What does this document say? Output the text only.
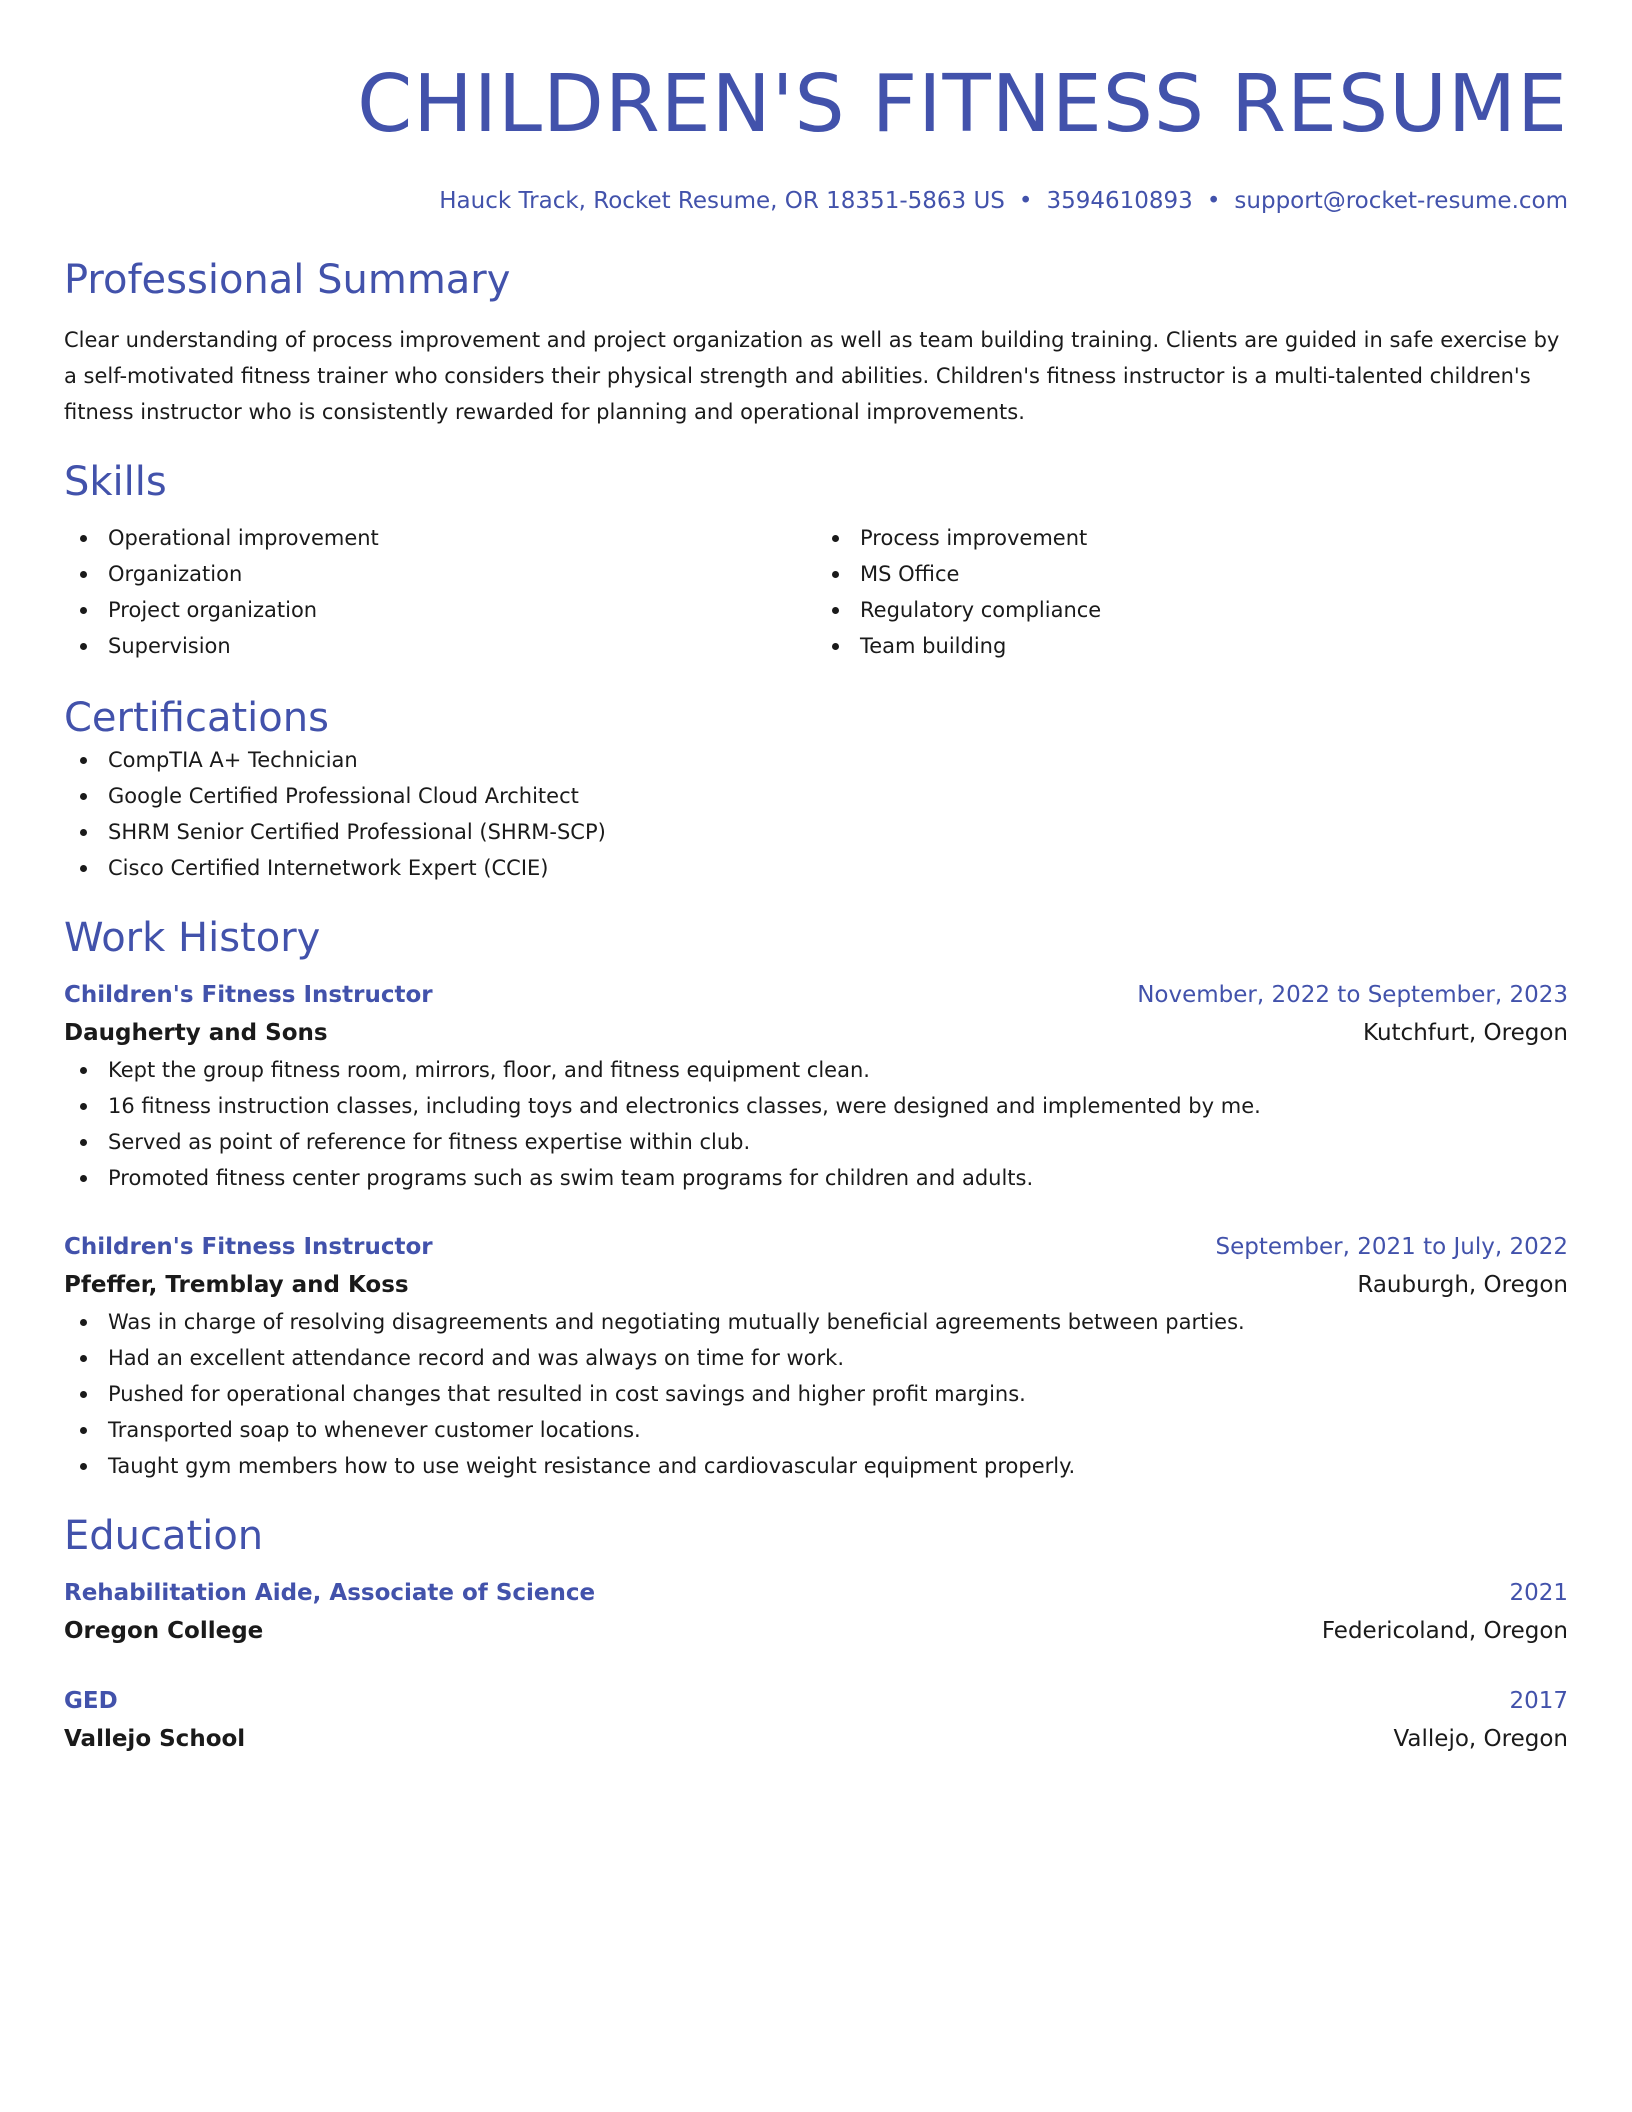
CHILDREN'S FITNESS RESUME
Hauck Track, Rocket Resume, OR 18351-5863 US • 3594610893 • support@rocket-resume.com
Professional Summary

Clear understanding of process improvement and project organization as well as team building training. Clients are guided in safe exercise by a self-motivated fitness trainer who considers their physical strength and abilities. Children's fitness instructor is a multi-talented children's fitness instructor who is consistently rewarded for planning and operational improvements.

Skills
Operational improvement
Organization
Project organization
Supervision
Process improvement
MS Office
Regulatory compliance
Team building
Certifications
CompTIA A+ Technician
Google Certified Professional Cloud Architect
SHRM Senior Certified Professional (SHRM-SCP)
Cisco Certified Internetwork Expert (CCIE)
Work History
Children's Fitness Instructor	November, 2022 to September, 2023
Daugherty and Sons	Kutchfurt, Oregon
Kept the group fitness room, mirrors, floor, and fitness equipment clean.
16 fitness instruction classes, including toys and electronics classes, were designed and implemented by me.
Served as point of reference for fitness expertise within club.
Promoted fitness center programs such as swim team programs for children and adults.
Children's Fitness Instructor	September, 2021 to July, 2022
Pfeffer, Tremblay and Koss	Rauburgh, Oregon
Was in charge of resolving disagreements and negotiating mutually beneficial agreements between parties.
Had an excellent attendance record and was always on time for work.
Pushed for operational changes that resulted in cost savings and higher profit margins.
Transported soap to whenever customer locations.
Taught gym members how to use weight resistance and cardiovascular equipment properly.
Education
Rehabilitation Aide, Associate of Science	2021
Oregon College	Federicoland, Oregon
GED	2017
Vallejo School	Vallejo, Oregon
